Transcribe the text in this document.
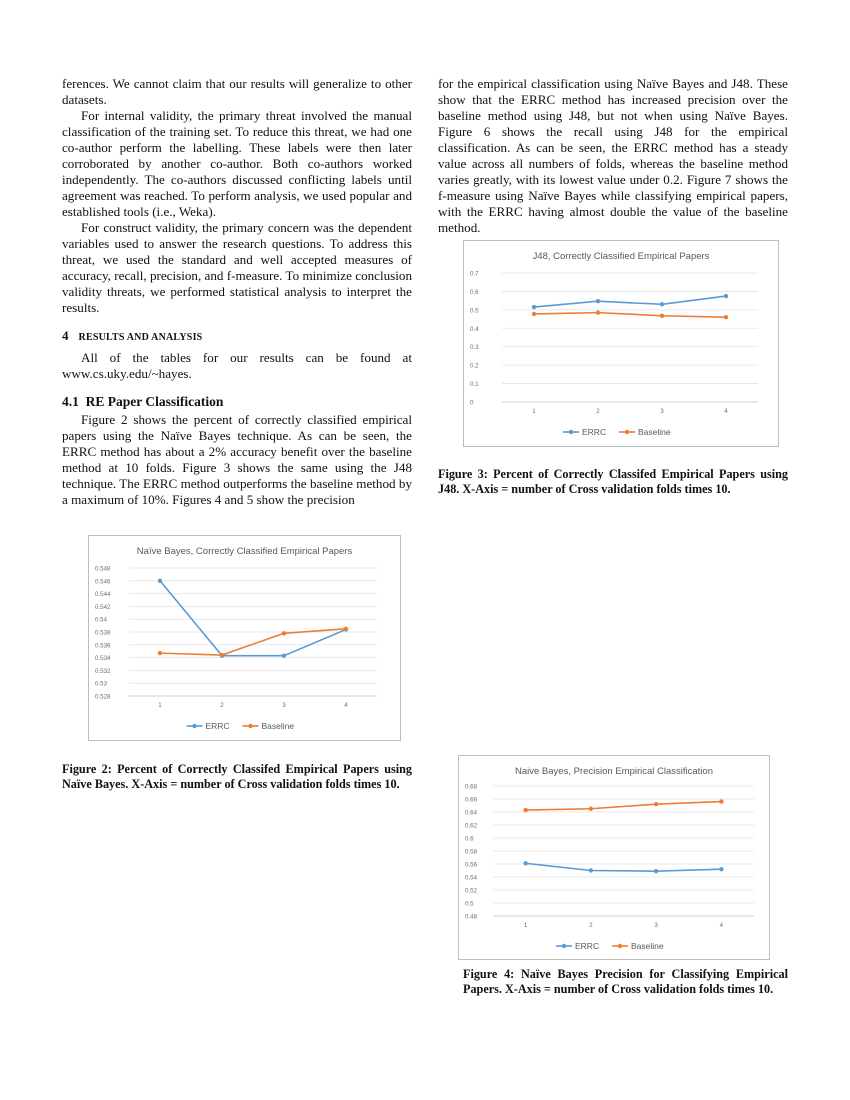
ferences. We cannot claim that our results will generalize to other datasets.

For internal validity, the primary threat involved the manual classification of the training set. To reduce this threat, we had one co-author perform the labelling. These labels were then later corroborated by another co-author. Both co-authors worked independently. The co-authors discussed conflicting labels until agreement was reached. To perform analysis, we used popular and established tools (i.e., Weka).

For construct validity, the primary concern was the dependent variables used to answer the research questions. To address this threat, we used the standard and well accepted measures of accuracy, recall, precision, and f-measure. To minimize conclusion validity threats, we performed statistical analysis to interpret the results.

4 RESULTS AND ANALYSIS

All of the tables for our results can be found at www.cs.uky.edu/~hayes.

4.1 RE Paper Classification

Figure 2 shows the percent of correctly classified empirical papers using the Naïve Bayes technique. As can be seen, the ERRC method has about a 2% accuracy benefit over the baseline method at 10 folds. Figure 3 shows the same using the J48 technique. The ERRC method outperforms the baseline method by a maximum of 10%. Figures 4 and 5 show the precision

for the empirical classification using Naïve Bayes and J48. These show that the ERRC method has increased precision over the baseline method using J48, but not when using Naïve Bayes. Figure 6 shows the recall using J48 for the empirical classification. As can be seen, the ERRC method has a steady value across all numbers of folds, whereas the baseline method varies greatly, with its lowest value under 0.2. Figure 7 shows the f-measure using Naïve Bayes while classifying empirical papers, with the ERRC having almost double the value of the baseline method.

J48, Correctly Classified Empirical Papers
0
0.1
0.2
0.3
0.4
0.5
0.6
0.7
1	2	3	4
ERRC	Baseline
Figure 3: Percent of Correctly Classifed Empirical Papers using J48. X-Axis = number of Cross validation folds times 10.
Naïve Bayes, Correctly Classified Empirical Papers
0.528
0.53
0.532
0.534
0.536
0.538
0.54
0.542
0.544
0.546
0.548
1	2	3	4
ERRC	Baseline
Figure 2: Percent of Correctly Classifed Empirical Papers using Naïve Bayes. X-Axis = number of Cross validation folds times 10.
Naive Bayes, Precision Empirical Classification
0.48
0.5
0.52
0.54
0.56
0.58
0.6
0.62
0.64
0.66
0.68
1	2	3	4
ERRC	Baseline
Figure 4: Naïve Bayes Precision for Classifying Empirical Papers. X-Axis = number of Cross validation folds times 10.
